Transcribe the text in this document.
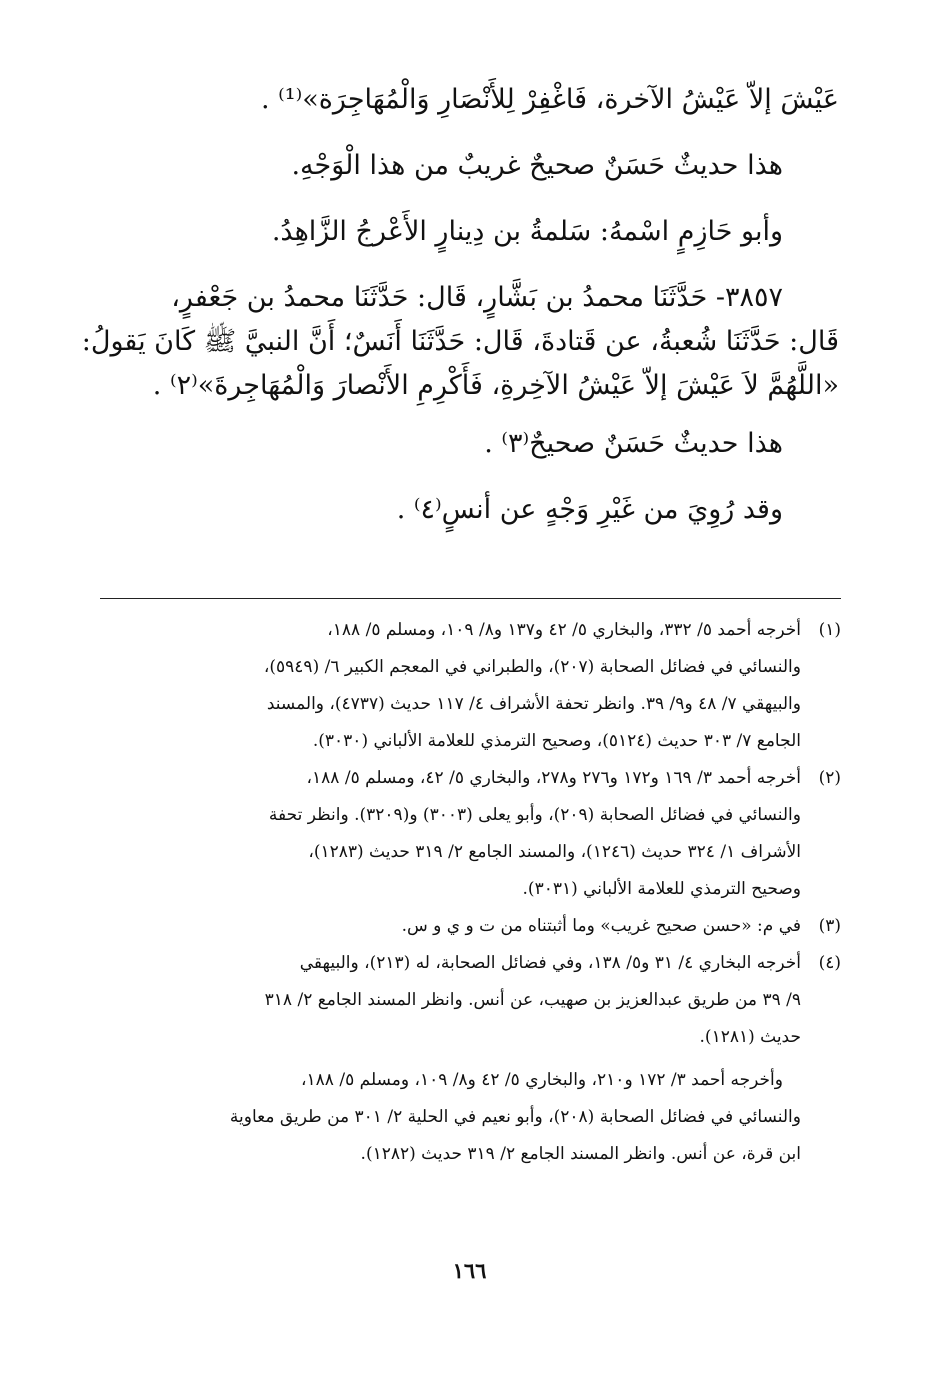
عَيْشَ إلاّ عَيْشُ الآخرة، فَاغْفِرْ لِلأَنْصَارِ وَالْمُهَاجِرَة»⁽¹⁾ .

هذا حديثٌ حَسَنٌ صحيحٌ غريبٌ من هذا الْوَجْهِ.

وأبو حَازِمٍ اسْمهُ: سَلمةُ بن دِينارٍ الأَعْرجُ الزَّاهِدُ.

٣٨٥٧- حَدَّثَنَا محمدُ بن بَشَّارٍ، قَال: حَدَّثَنَا محمدُ بن جَعْفرٍ،

قَال: حَدَّثَنَا شُعبةُ، عن قَتادةَ، قَال: حَدَّثَنَا أَنَسٌ؛ أَنَّ النبيَّ ﷺ كَانَ يَقولُ:

«اللَّهُمَّ لاَ عَيْشَ إلاّ عَيْشُ الآخِرةِ، فَأَكْرِمِ الأَنْصارَ وَالْمُهَاجِرةَ»⁽٢⁾ .

هذا حديثٌ حَسَنٌ صحيحٌ⁽٣⁾ .

وقد رُوِيَ من غَيْرِ وَجْهٍ عن أنسٍ⁽٤⁾ .

(١)

أخرجه أحمد ٥/ ٣٣٢، والبخاري ٥/ ٤٢ و١٣٧ و٨/ ١٠٩، ومسلم ٥/ ١٨٨،

والنسائي في فضائل الصحابة (٢٠٧)، والطبراني في المعجم الكبير ٦/ (٥٩٤٩)،

والبيهقي ٧/ ٤٨ و٩/ ٣٩. وانظر تحفة الأشراف ٤/ ١١٧ حديث (٤٧٣٧)، والمسند

الجامع ٧/ ٣٠٣ حديث (٥١٢٤)، وصحيح الترمذي للعلامة الألباني (٣٠٣٠).

(٢)

أخرجه أحمد ٣/ ١٦٩ و١٧٢ و٢٧٦ و٢٧٨، والبخاري ٥/ ٤٢، ومسلم ٥/ ١٨٨،

والنسائي في فضائل الصحابة (٢٠٩)، وأبو يعلى (٣٠٠٣) و(٣٢٠٩). وانظر تحفة

الأشراف ١/ ٣٢٤ حديث (١٢٤٦)، والمسند الجامع ٢/ ٣١٩ حديث (١٢٨٣)،

وصحيح الترمذي للعلامة الألباني (٣٠٣١).

(٣)

في م: «حسن صحيح غريب» وما أثبتناه من ت و ي و س.

(٤)

أخرجه البخاري ٤/ ٣١ و٥/ ١٣٨، وفي فضائل الصحابة، له (٢١٣)، والبيهقي

٩/ ٣٩ من طريق عبدالعزيز بن صهيب، عن أنس. وانظر المسند الجامع ٢/ ٣١٨

حديث (١٢٨١).

وأخرجه أحمد ٣/ ١٧٢ و٢١٠، والبخاري ٥/ ٤٢ و٨/ ١٠٩، ومسلم ٥/ ١٨٨،

والنسائي في فضائل الصحابة (٢٠٨)، وأبو نعيم في الحلية ٢/ ٣٠١ من طريق معاوية

ابن قرة، عن أنس. وانظر المسند الجامع ٢/ ٣١٩ حديث (١٢٨٢).

١٦٦
